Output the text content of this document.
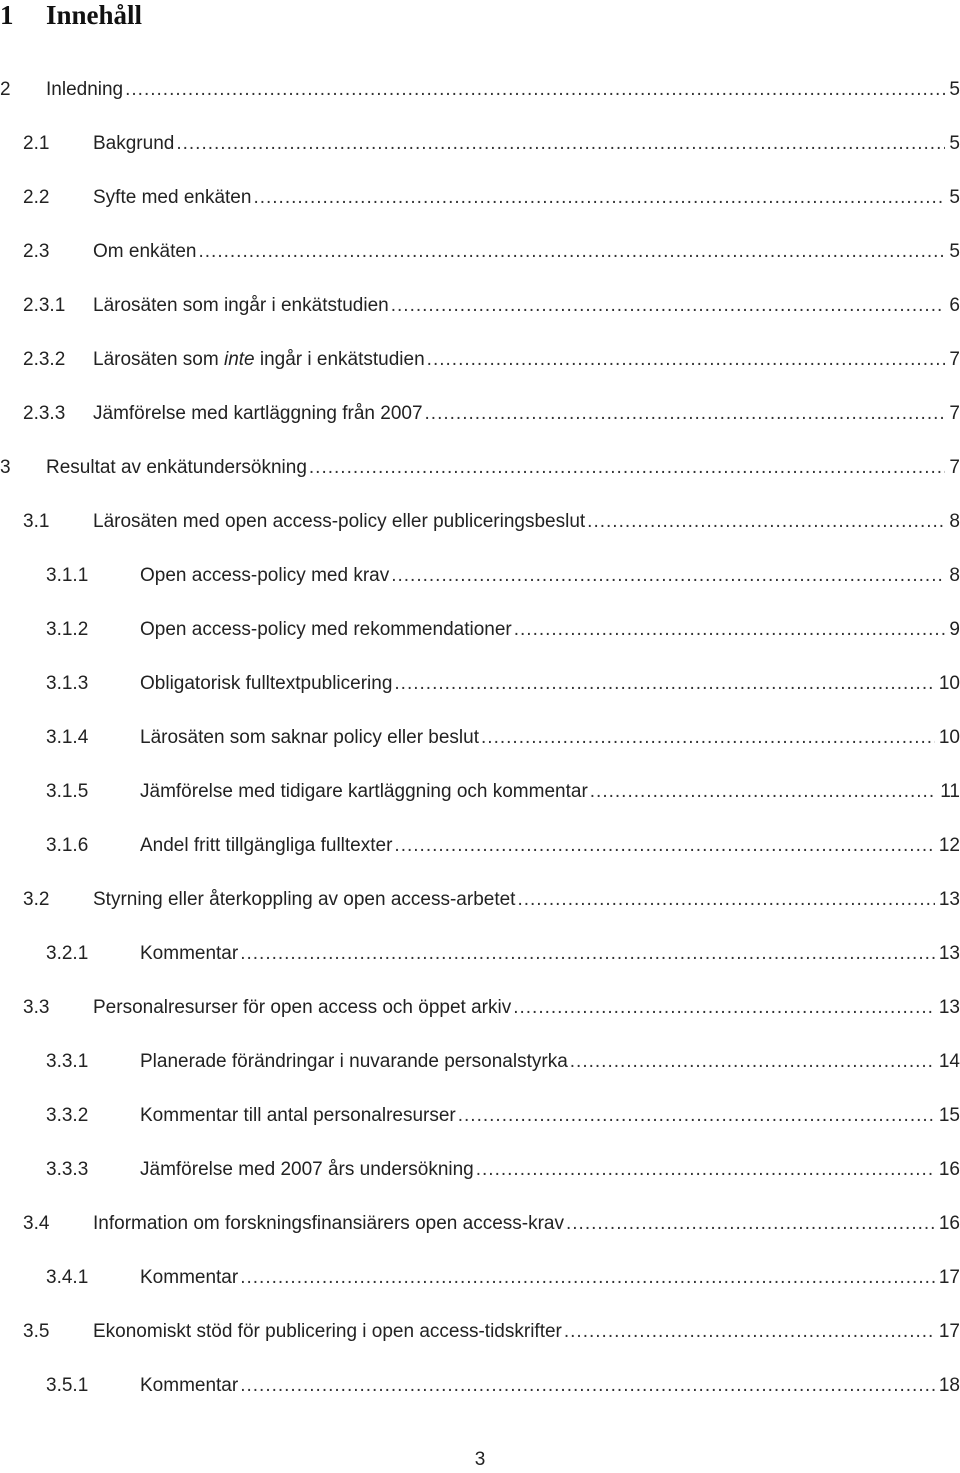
1 Innehåll
2 Inledning .....	5
2.1 Bakgrund .....	5
2.2 Syfte med enkäten .....	5
2.3 Om enkäten .....	5
2.3.1 Lärosäten som ingår i enkätstudien .....	6
2.3.2 Lärosäten som inte ingår i enkätstudien .....	7
2.3.3 Jämförelse med kartläggning från 2007 .....	7
3 Resultat av enkätundersökning .....	7
3.1 Lärosäten med open access-policy eller publiceringsbeslut .....	8
3.1.1	Open access-policy med krav .....	8
3.1.2	Open access-policy med rekommendationer .....	9
3.1.3	Obligatorisk fulltextpublicering .....	10
3.1.4	Lärosäten som saknar policy eller beslut .....	10
3.1.5	Jämförelse med tidigare kartläggning och kommentar .....	11
3.1.6	Andel fritt tillgängliga fulltexter .....	12
3.2 Styrning eller återkoppling av open access-arbetet .....	13
3.2.1	Kommentar .....	13
3.3 Personalresurser för open access och öppet arkiv .....	13
3.3.1	Planerade förändringar i nuvarande personalstyrka .....	14
3.3.2	Kommentar till antal personalresurser .....	15
3.3.3	Jämförelse med 2007 års undersökning .....	16
3.4 Information om forskningsfinansiärers open access-krav .....	16
3.4.1	Kommentar .....	17
3.5 Ekonomiskt stöd för publicering i open access-tidskrifter .....	17
3.5.1	Kommentar .....	18
3
